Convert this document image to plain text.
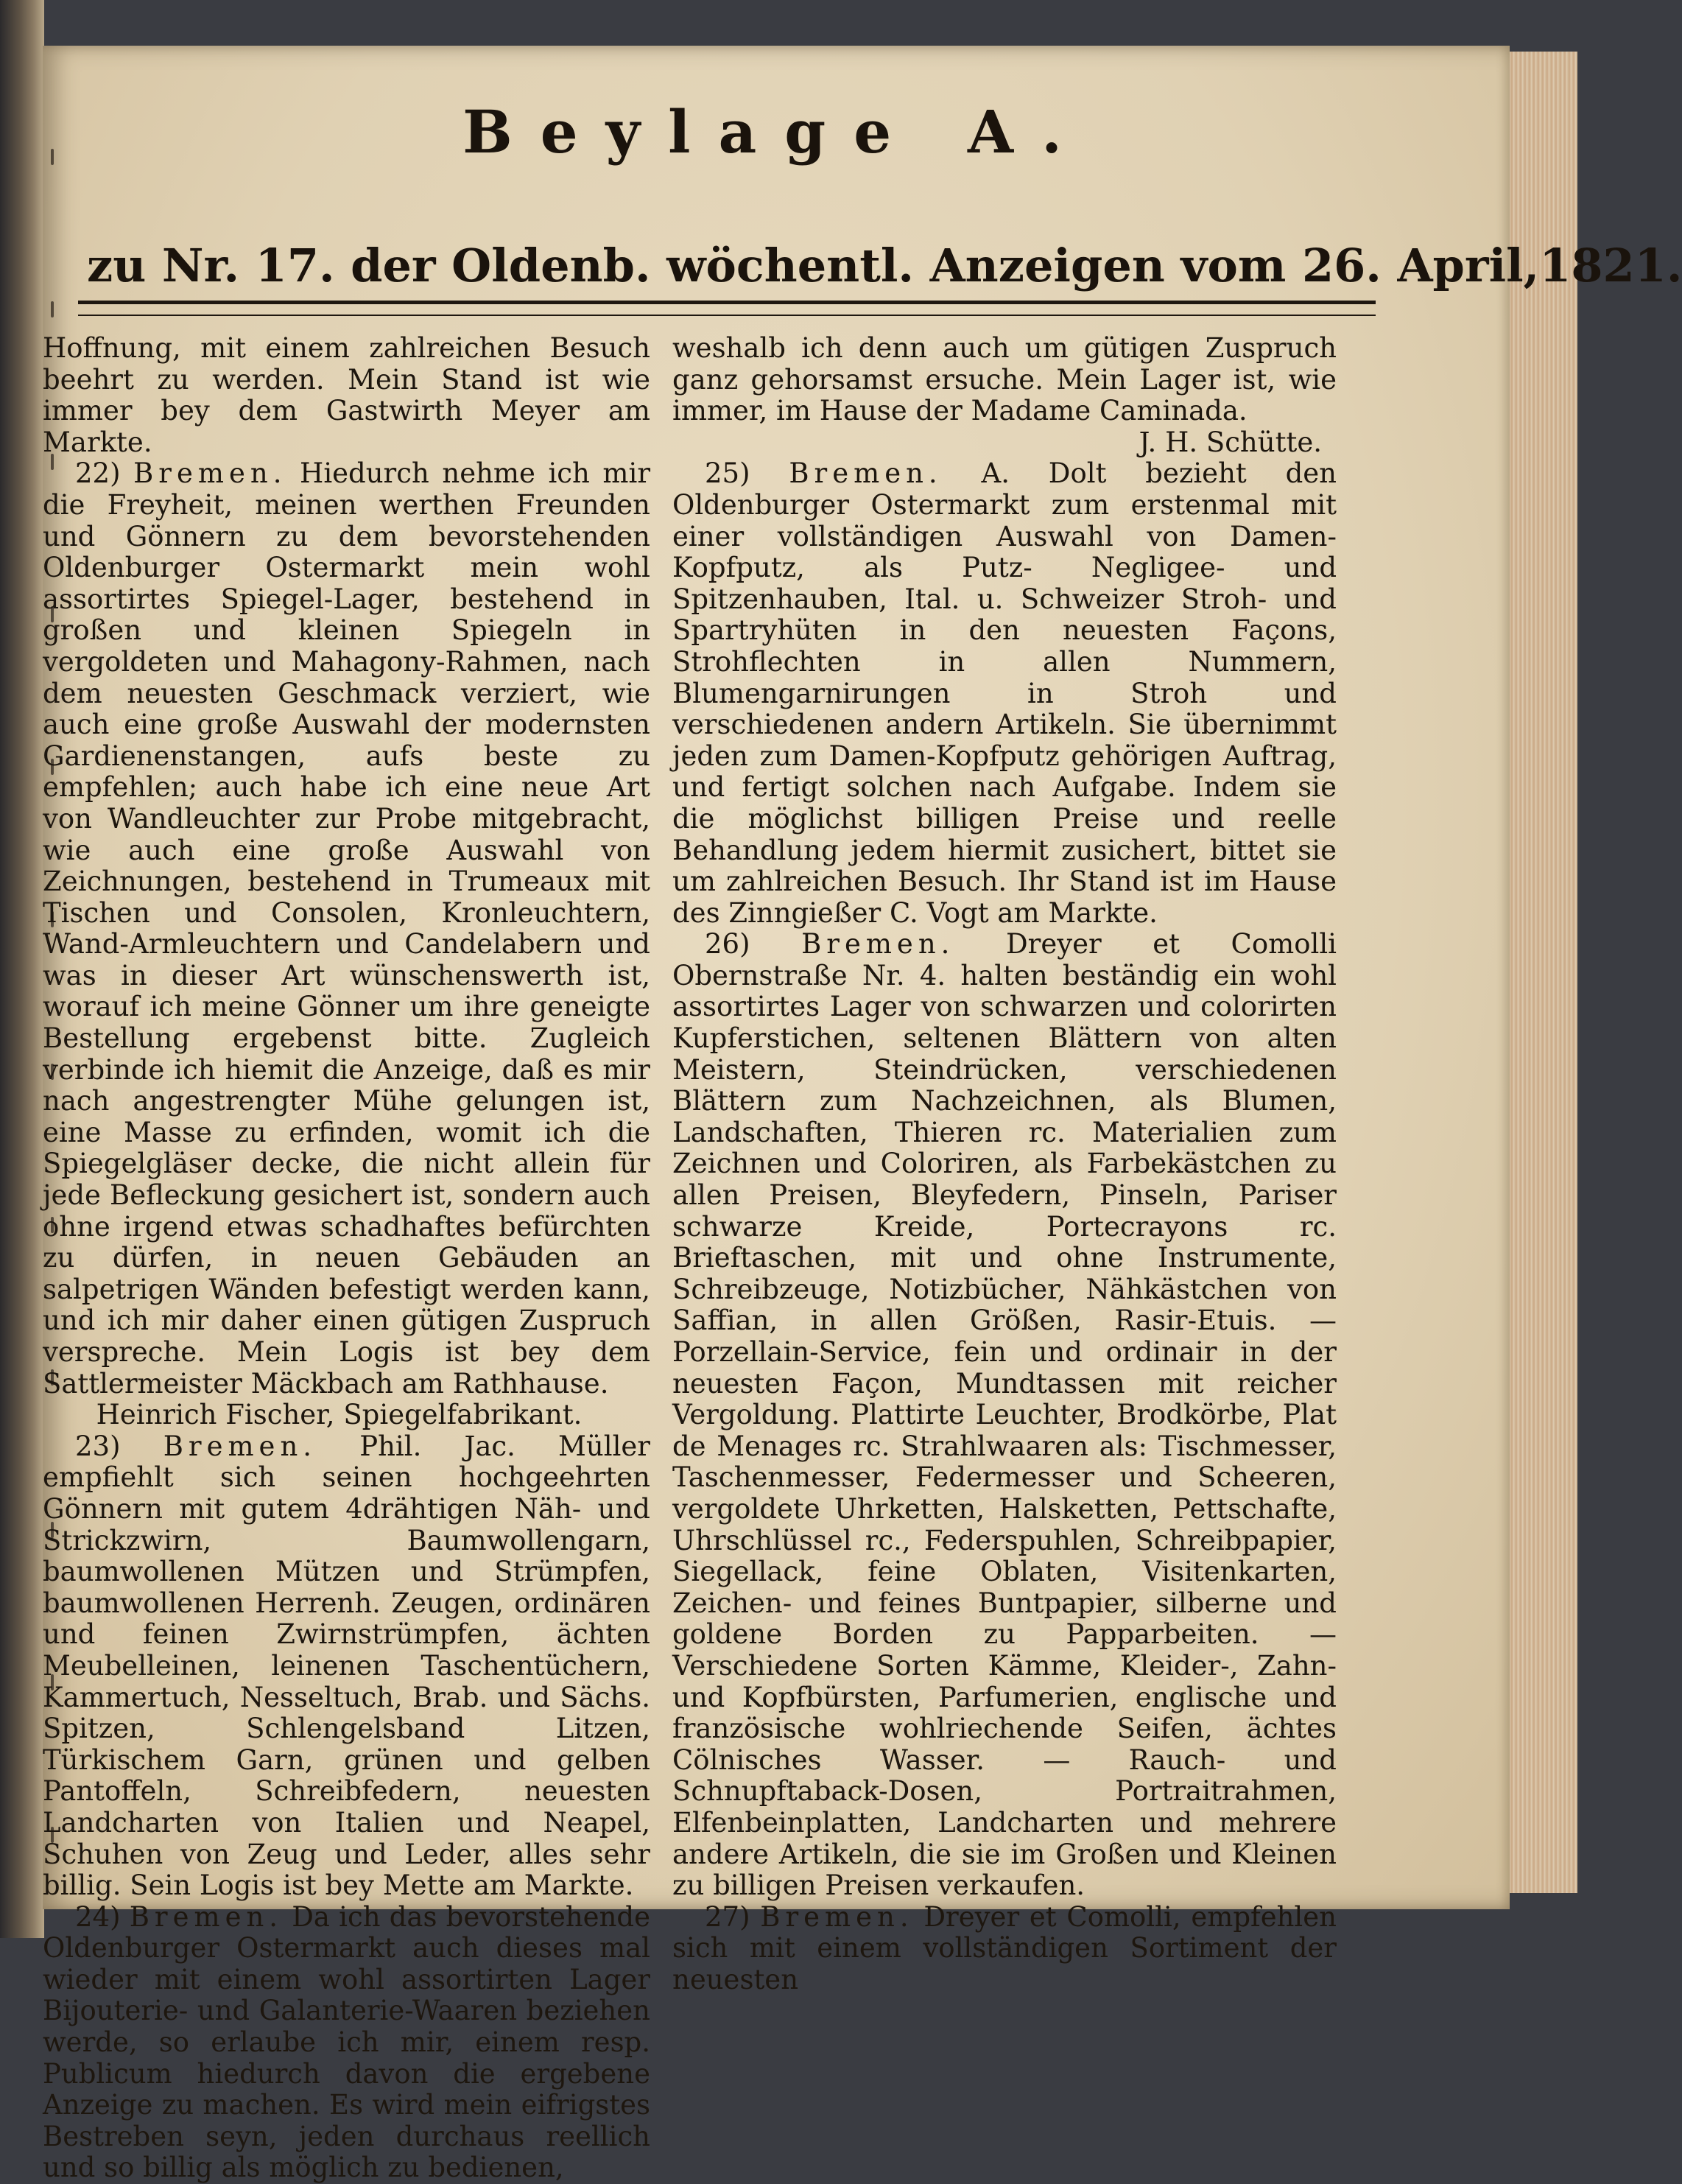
Beylage A.
zu Nr. 17. der Oldenb. wöchentl. Anzeigen vom 26. April, 1821.

Hoffnung, mit einem zahlreichen Besuch beehrt zu werden. Mein Stand ist wie immer bey dem Gastwirth Meyer am Markte.

22) Bremen. Hiedurch nehme ich mir die Freyheit, meinen werthen Freunden und Gönnern zu dem bevorstehenden Oldenburger Ostermarkt mein wohl assortirtes Spiegel-Lager, bestehend in großen und kleinen Spiegeln in vergoldeten und Mahagony-Rahmen, nach dem neuesten Geschmack verziert, wie auch eine große Auswahl der modernsten Gardienenstangen, aufs beste zu empfehlen; auch habe ich eine neue Art von Wandleuchter zur Probe mitgebracht, wie auch eine große Auswahl von Zeichnungen, bestehend in Trumeaux mit Tischen und Consolen, Kronleuchtern, Wand-Armleuchtern und Candelabern und was in dieser Art wünschenswerth ist, worauf ich meine Gönner um ihre geneigte Bestellung ergebenst bitte. Zugleich verbinde ich hiemit die Anzeige, daß es mir nach angestrengter Mühe gelungen ist, eine Masse zu erfinden, womit ich die Spiegelgläser decke, die nicht allein für jede Befleckung gesichert ist, sondern auch ohne irgend etwas schadhaftes befürchten zu dürfen, in neuen Gebäuden an salpetrigen Wänden befestigt werden kann, und ich mir daher einen gütigen Zuspruch verspreche. Mein Logis ist bey dem Sattlermeister Mäckbach am Rathhause.

Heinrich Fischer, Spiegelfabrikant.

23) Bremen. Phil. Jac. Müller empfiehlt sich seinen hochgeehrten Gönnern mit gutem 4drähtigen Näh- und Strickzwirn, Baumwollengarn, baumwollenen Mützen und Strümpfen, baumwollenen Herrenh. Zeugen, ordinären und feinen Zwirnstrümpfen, ächten Meubelleinen, leinenen Taschentüchern, Kammertuch, Nesseltuch, Brab. und Sächs. Spitzen, Schlengelsband Litzen, Türkischem Garn, grünen und gelben Pantoffeln, Schreibfedern, neuesten Landcharten von Italien und Neapel, Schuhen von Zeug und Leder, alles sehr billig. Sein Logis ist bey Mette am Markte.

24) Bremen. Da ich das bevorstehende Oldenburger Ostermarkt auch dieses mal wieder mit einem wohl assortirten Lager Bijouterie- und Galanterie-Waaren beziehen werde, so erlaube ich mir, einem resp. Publicum hiedurch davon die ergebene Anzeige zu machen. Es wird mein eifrigstes Bestreben seyn, jeden durchaus reellich und so billig als möglich zu bedienen,

weshalb ich denn auch um gütigen Zuspruch ganz gehorsamst ersuche. Mein Lager ist, wie immer, im Hause der Madame Caminada.

J. H. Schütte.

25) Bremen. A. Dolt bezieht den Oldenburger Ostermarkt zum erstenmal mit einer vollständigen Auswahl von Damen-Kopfputz, als Putz- Negligee- und Spitzenhauben, Ital. u. Schweizer Stroh- und Spartryhüten in den neuesten Façons, Strohflechten in allen Nummern, Blumengarnirungen in Stroh und verschiedenen andern Artikeln. Sie übernimmt jeden zum Damen-Kopfputz gehörigen Auftrag, und fertigt solchen nach Aufgabe. Indem sie die möglichst billigen Preise und reelle Behandlung jedem hiermit zusichert, bittet sie um zahlreichen Besuch. Ihr Stand ist im Hause des Zinngießer C. Vogt am Markte.

26) Bremen. Dreyer et Comolli Obernstraße Nr. 4. halten beständig ein wohl assortirtes Lager von schwarzen und colorirten Kupferstichen, seltenen Blättern von alten Meistern, Steindrücken, verschiedenen Blättern zum Nachzeichnen, als Blumen, Landschaften, Thieren rc. Materialien zum Zeichnen und Coloriren, als Farbekästchen zu allen Preisen, Bleyfedern, Pinseln, Pariser schwarze Kreide, Portecrayons rc. Brieftaschen, mit und ohne Instrumente, Schreibzeuge, Notizbücher, Nähkästchen von Saffian, in allen Größen, Rasir-Etuis. — Porzellain-Service, fein und ordinair in der neuesten Façon, Mundtassen mit reicher Vergoldung. Plattirte Leuchter, Brodkörbe, Plat de Menages rc. Strahlwaaren als: Tischmesser, Taschenmesser, Federmesser und Scheeren, vergoldete Uhrketten, Halsketten, Pettschafte, Uhrschlüssel rc., Federspuhlen, Schreibpapier, Siegellack, feine Oblaten, Visitenkarten, Zeichen- und feines Buntpapier, silberne und goldene Borden zu Papparbeiten. — Verschiedene Sorten Kämme, Kleider-, Zahn- und Kopfbürsten, Parfumerien, englische und französische wohlriechende Seifen, ächtes Cölnisches Wasser. — Rauch- und Schnupftaback-Dosen, Portraitrahmen, Elfenbeinplatten, Landcharten und mehrere andere Artikeln, die sie im Großen und Kleinen zu billigen Preisen verkaufen.

27) Bremen. Dreyer et Comolli, empfehlen sich mit einem vollständigen Sortiment der neuesten
